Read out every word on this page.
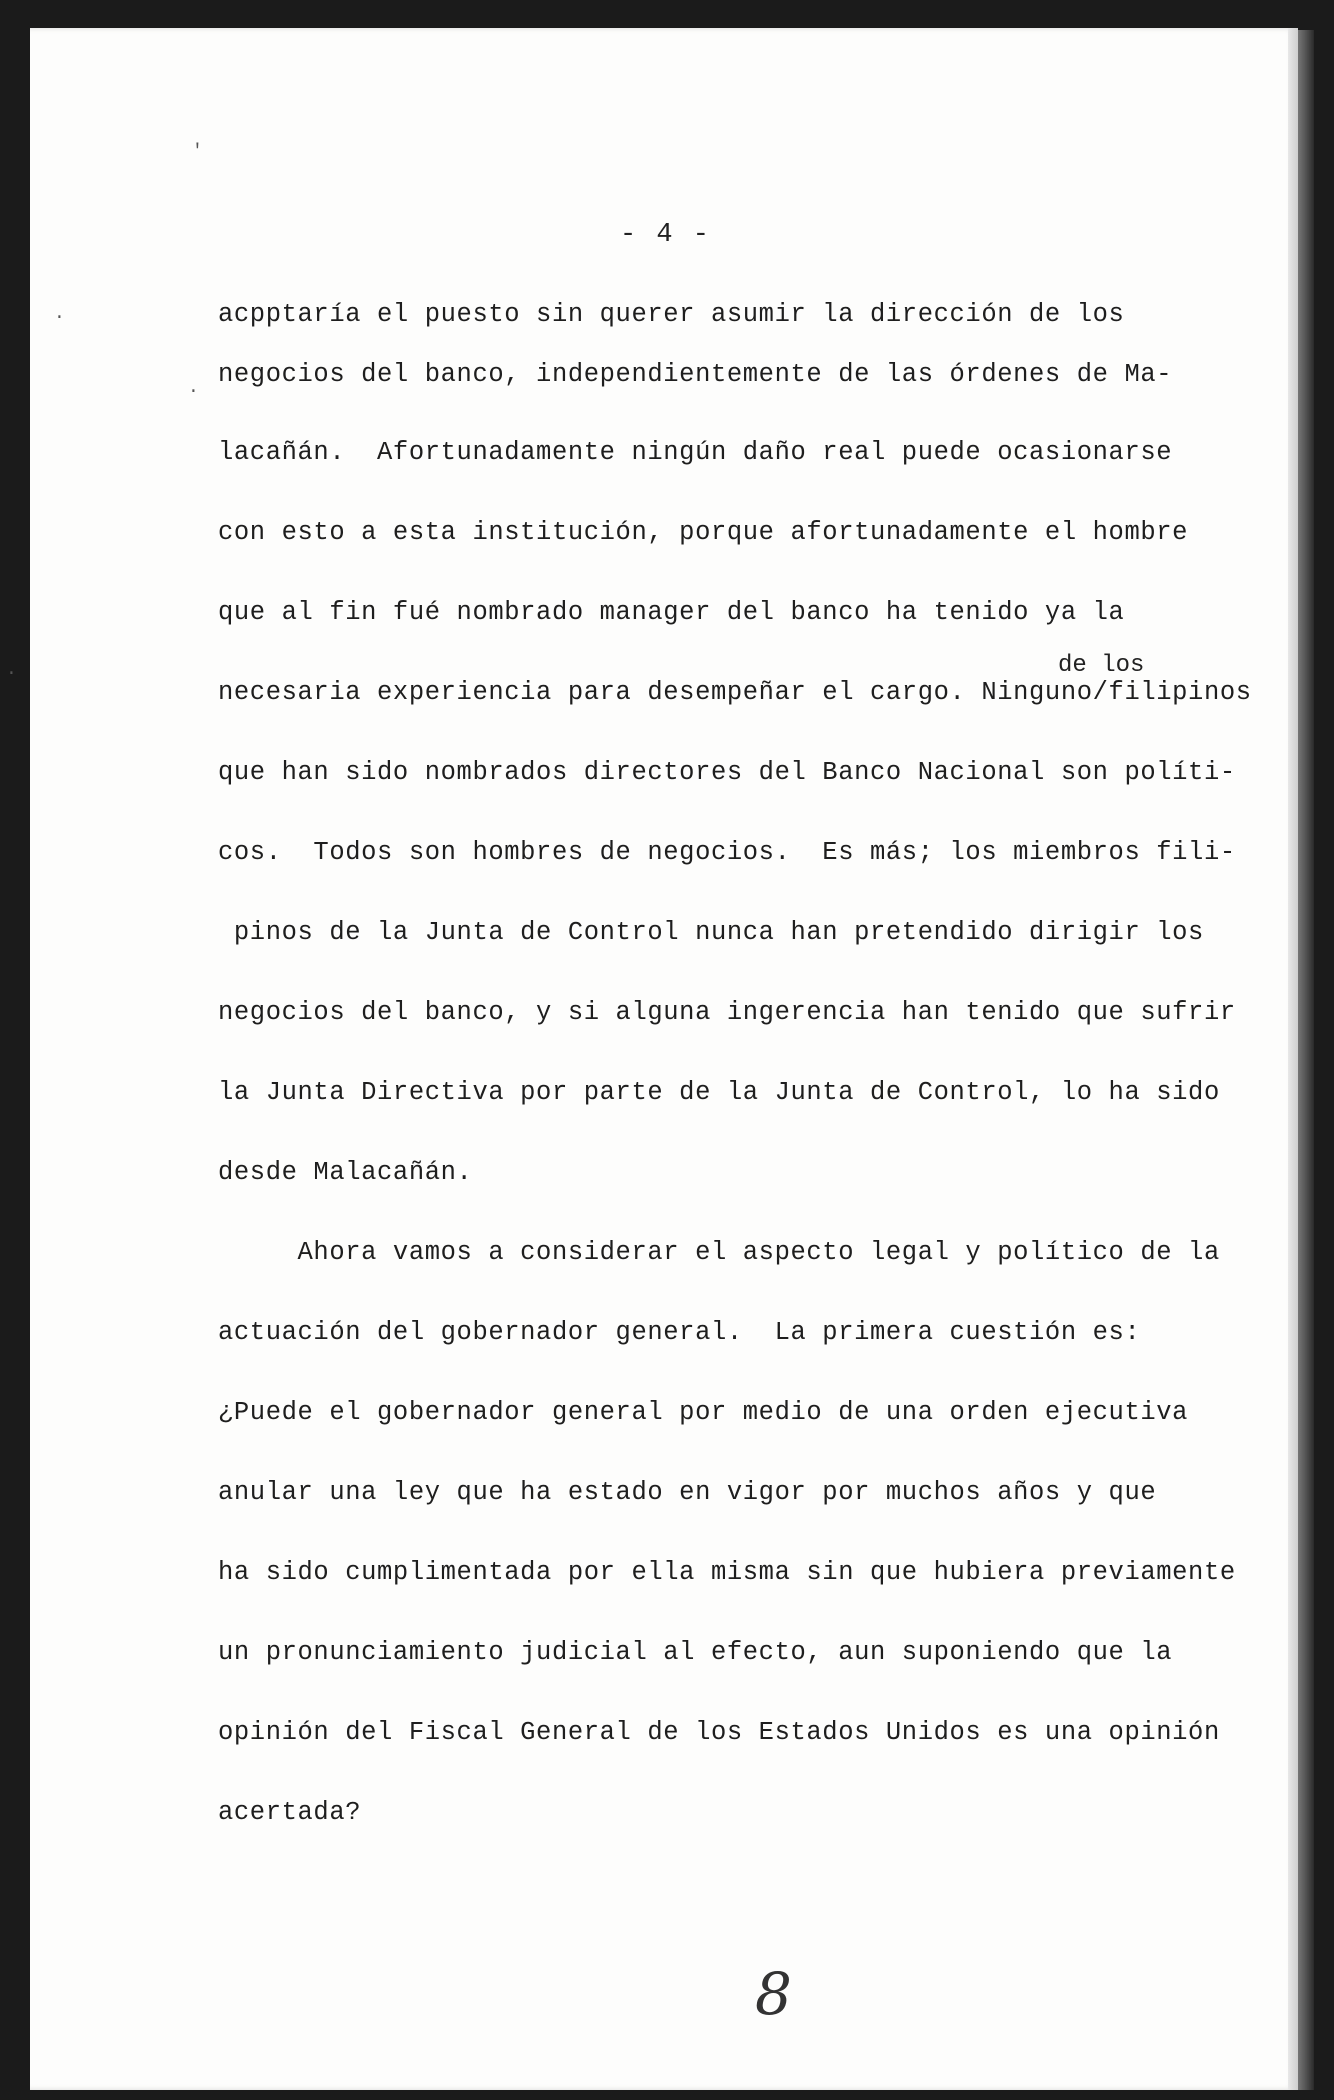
- 4 -
acpptaría el puesto sin querer asumir la dirección de los
negocios del banco, independientemente de las órdenes de Ma-
lacañán.  Afortunadamente ningún daño real puede ocasionarse
con esto a esta institución, porque afortunadamente el hombre
que al fin fué nombrado manager del banco ha tenido ya la
de los
necesaria experiencia para desempeñar el cargo. Ninguno/filipinos
que han sido nombrados directores del Banco Nacional son políti-
cos.  Todos son hombres de negocios.  Es más; los miembros fili-
pinos de la Junta de Control nunca han pretendido dirigir los
negocios del banco, y si alguna ingerencia han tenido que sufrir
la Junta Directiva por parte de la Junta de Control, lo ha sido
desde Malacañán.
Ahora vamos a considerar el aspecto legal y político de la
actuación del gobernador general.  La primera cuestión es:
¿Puede el gobernador general por medio de una orden ejecutiva
anular una ley que ha estado en vigor por muchos años y que
ha sido cumplimentada por ella misma sin que hubiera previamente
un pronunciamiento judicial al efecto, aun suponiendo que la
opinión del Fiscal General de los Estados Unidos es una opinión
acertada?
8
'
·
·
·
